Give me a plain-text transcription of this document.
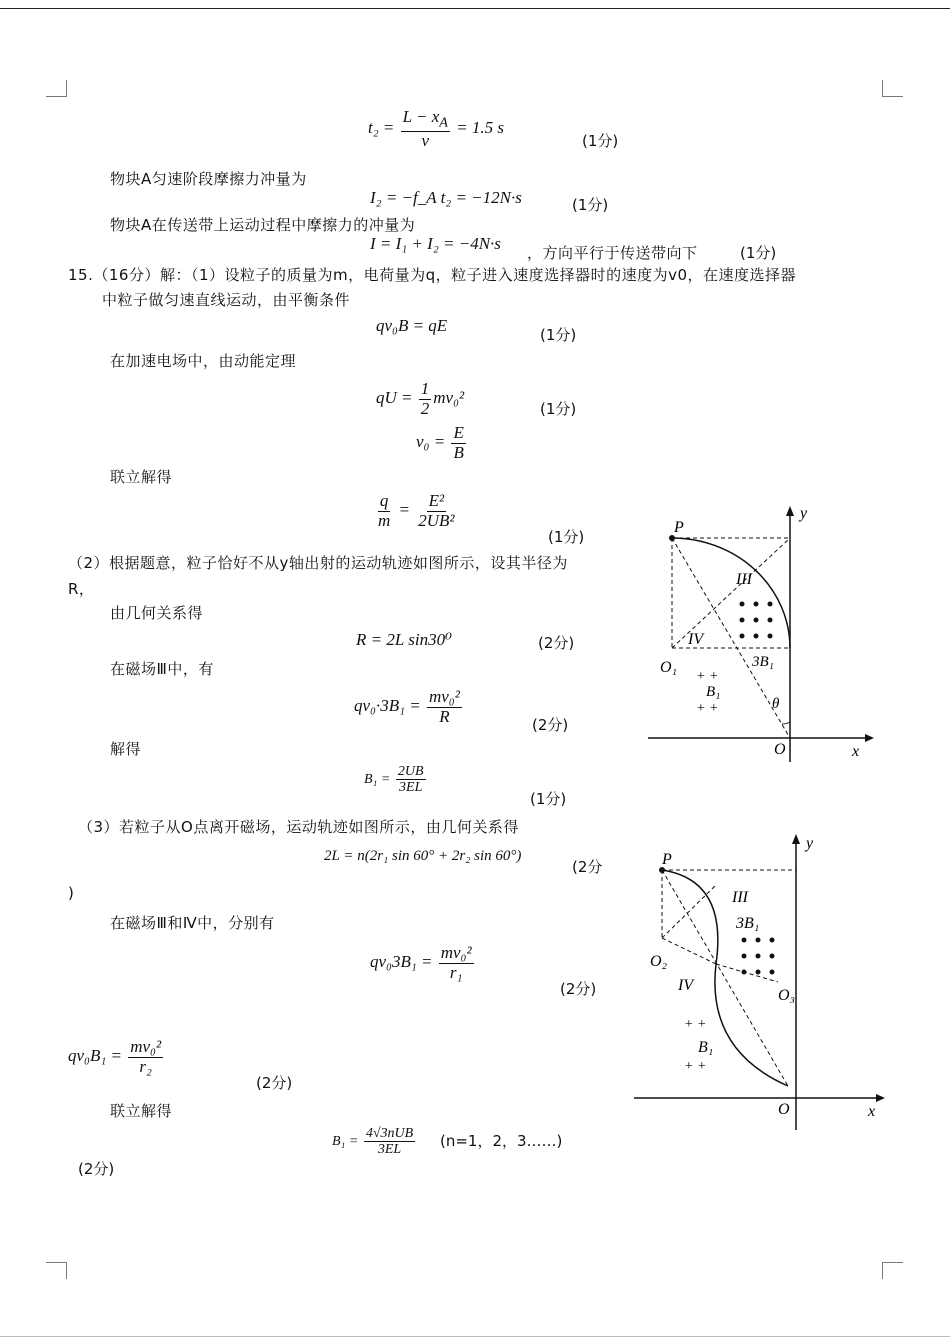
$t_2 = \frac{L - x_A}{v} = 1.5$ s
(1分)
物块A匀速阶段摩擦力冲量为
I₂ = −f_A t₂ = −12N·s	(1分)
物块A在传送带上运动过程中摩擦力的冲量为
I = I₁ + I₂ = −4N·s ，方向平行于传送带向下	(1分)
15.（16分）解：（1）设粒子的质量为m，电荷量为q，粒子进入速度选择器时的速度为v0，在速度选择器
中粒子做匀速直线运动，由平衡条件
qv₀B = qE	(1分)
在加速电场中，由动能定理
qU = $\frac{1}{2} mv_0^2$
(1分)
$v_0 = \frac{E}{B}$
联立解得
$\frac{q}{m} = \frac{\text{E²}}{\text{2UB²}}$
(1分)
（2）根据题意，粒子恰好不从y轴出射的运动轨迹如图所示，设其半径为
R，
由几何关系得
R = 2L sin30⁰	(2分)
在磁场Ⅲ中，有
$qv_0\cdot 3B_1 = \frac{\text{mv₀²}}{R}$	(2分)
解得
$B_1 = \frac{2UB}{3EL}$
(1分)
（3）若粒子从O点离开磁场，运动轨迹如图所示，由几何关系得
2L = n(2r₁ sin 60° + 2r₂ sin 60°)
(2分
)
在磁场Ⅲ和Ⅳ中，分别有
$qv_03B_1 = \frac{\text{mv₀²}}{\text{r₁}}$
(2分)
$qv_0B_1 = \frac{\text{mv₀²}}{\text{r₂}}$
(2分)
联立解得
$B_1 = \frac{\text{4√3nUB}}{3EL} (n=1$，2，3……)
(2分)
P
y
III
IV
O₁	3B₁
+ +
B₁
+ +	θ
O	x
P
y
III
3B₁
O₂
IV
O₃
+ +
B₁
+ +
O	x
